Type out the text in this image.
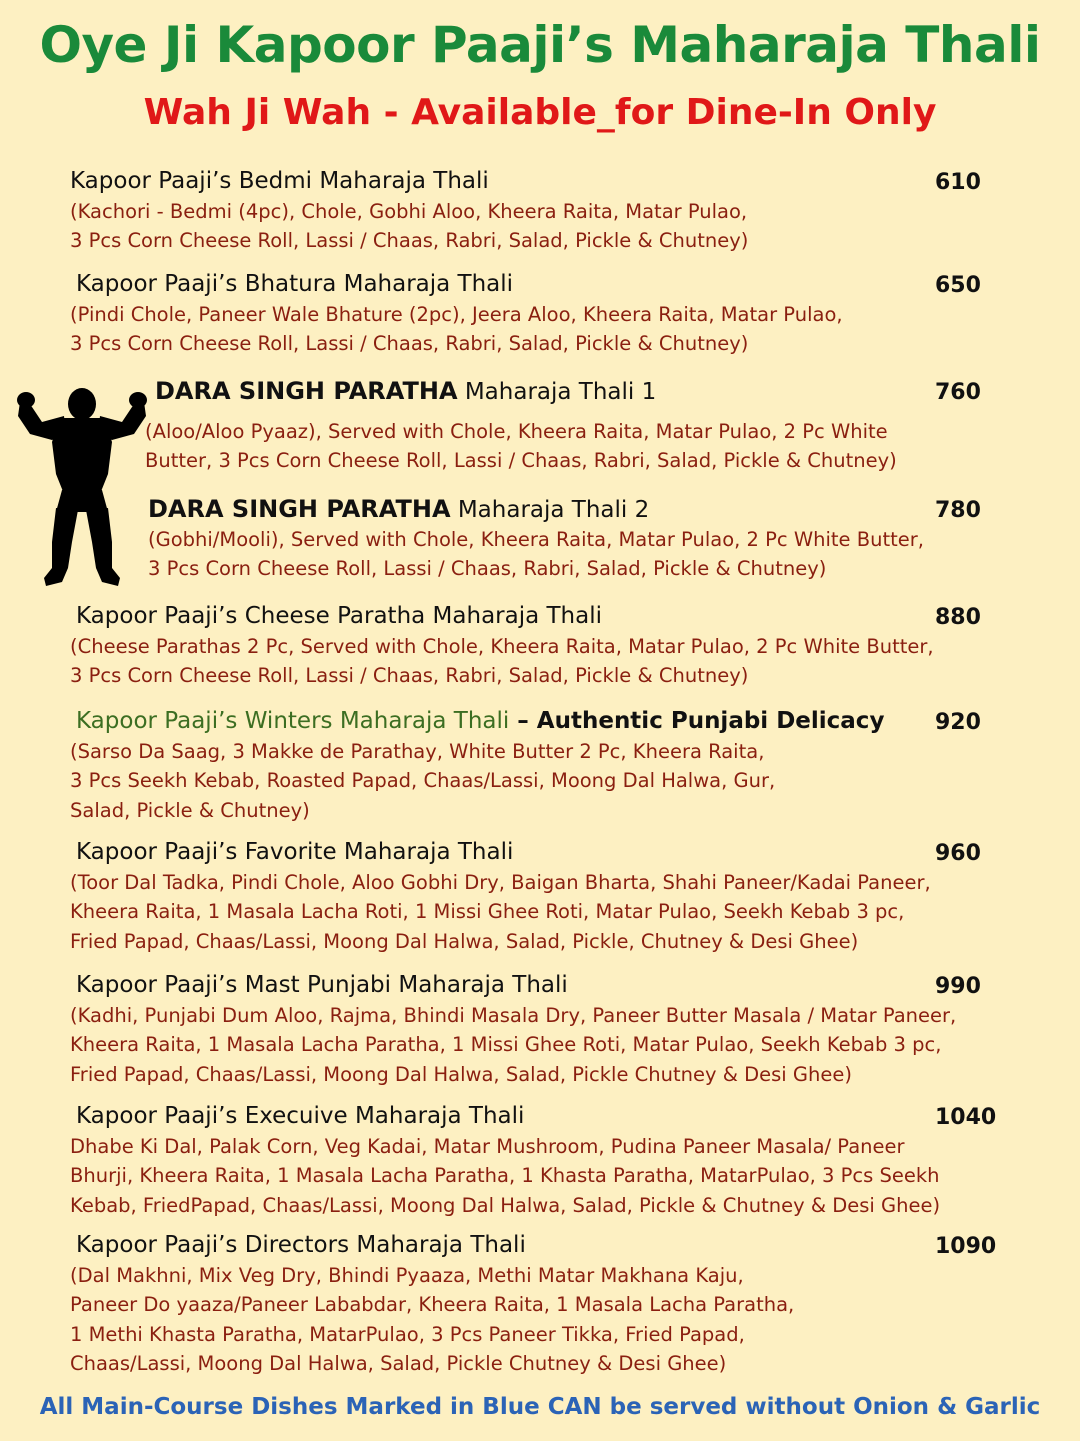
Oye Ji Kapoor Paaji’s Maharaja Thali
Wah Ji Wah - Available_for Dine-In Only
Kapoor Paaji’s Bedmi Maharaja Thali
(Kachori - Bedmi (4pc), Chole, Gobhi Aloo, Kheera Raita, Matar Pulao,
3 Pcs Corn Cheese Roll, Lassi / Chaas, Rabri, Salad, Pickle & Chutney)
610
Kapoor Paaji’s Bhatura Maharaja Thali
(Pindi Chole, Paneer Wale Bhature (2pc), Jeera Aloo, Kheera Raita, Matar Pulao,
3 Pcs Corn Cheese Roll, Lassi / Chaas, Rabri, Salad, Pickle & Chutney)
650
DARA SINGH PARATHA Maharaja Thali 1
(Aloo/Aloo Pyaaz), Served with Chole, Kheera Raita, Matar Pulao, 2 Pc White
Butter, 3 Pcs Corn Cheese Roll, Lassi / Chaas, Rabri, Salad, Pickle & Chutney)
760
DARA SINGH PARATHA Maharaja Thali 2
(Gobhi/Mooli), Served with Chole, Kheera Raita, Matar Pulao, 2 Pc White Butter,
3 Pcs Corn Cheese Roll, Lassi / Chaas, Rabri, Salad, Pickle & Chutney)
780
Kapoor Paaji’s Cheese Paratha Maharaja Thali
(Cheese Parathas 2 Pc, Served with Chole, Kheera Raita, Matar Pulao, 2 Pc White Butter,
3 Pcs Corn Cheese Roll, Lassi / Chaas, Rabri, Salad, Pickle & Chutney)
880
Kapoor Paaji’s Winters Maharaja Thali – Authentic Punjabi Delicacy
(Sarso Da Saag, 3 Makke de Parathay, White Butter 2 Pc, Kheera Raita,
3 Pcs Seekh Kebab, Roasted Papad, Chaas/Lassi, Moong Dal Halwa, Gur,
Salad, Pickle & Chutney)
920
Kapoor Paaji’s Favorite Maharaja Thali
(Toor Dal Tadka, Pindi Chole, Aloo Gobhi Dry, Baigan Bharta, Shahi Paneer/Kadai Paneer,
Kheera Raita, 1 Masala Lacha Roti, 1 Missi Ghee Roti, Matar Pulao, Seekh Kebab 3 pc,
Fried Papad, Chaas/Lassi, Moong Dal Halwa, Salad, Pickle, Chutney & Desi Ghee)
960
Kapoor Paaji’s Mast Punjabi Maharaja Thali
(Kadhi, Punjabi Dum Aloo, Rajma, Bhindi Masala Dry, Paneer Butter Masala / Matar Paneer,
Kheera Raita, 1 Masala Lacha Paratha, 1 Missi Ghee Roti, Matar Pulao, Seekh Kebab 3 pc,
Fried Papad, Chaas/Lassi, Moong Dal Halwa, Salad, Pickle Chutney & Desi Ghee)
990
Kapoor Paaji’s Execuive Maharaja Thali
Dhabe Ki Dal, Palak Corn, Veg Kadai, Matar Mushroom, Pudina Paneer Masala/ Paneer
Bhurji, Kheera Raita, 1 Masala Lacha Paratha, 1 Khasta Paratha, MatarPulao, 3 Pcs Seekh
Kebab, FriedPapad, Chaas/Lassi, Moong Dal Halwa, Salad, Pickle & Chutney & Desi Ghee)
1040
Kapoor Paaji’s Directors Maharaja Thali
(Dal Makhni, Mix Veg Dry, Bhindi Pyaaza, Methi Matar Makhana Kaju,
Paneer Do yaaza/Paneer Lababdar, Kheera Raita, 1 Masala Lacha Paratha,
1 Methi Khasta Paratha, MatarPulao, 3 Pcs Paneer Tikka, Fried Papad,
Chaas/Lassi, Moong Dal Halwa, Salad, Pickle Chutney & Desi Ghee)
1090
All Main-Course Dishes Marked in Blue CAN be served without Onion & Garlic
